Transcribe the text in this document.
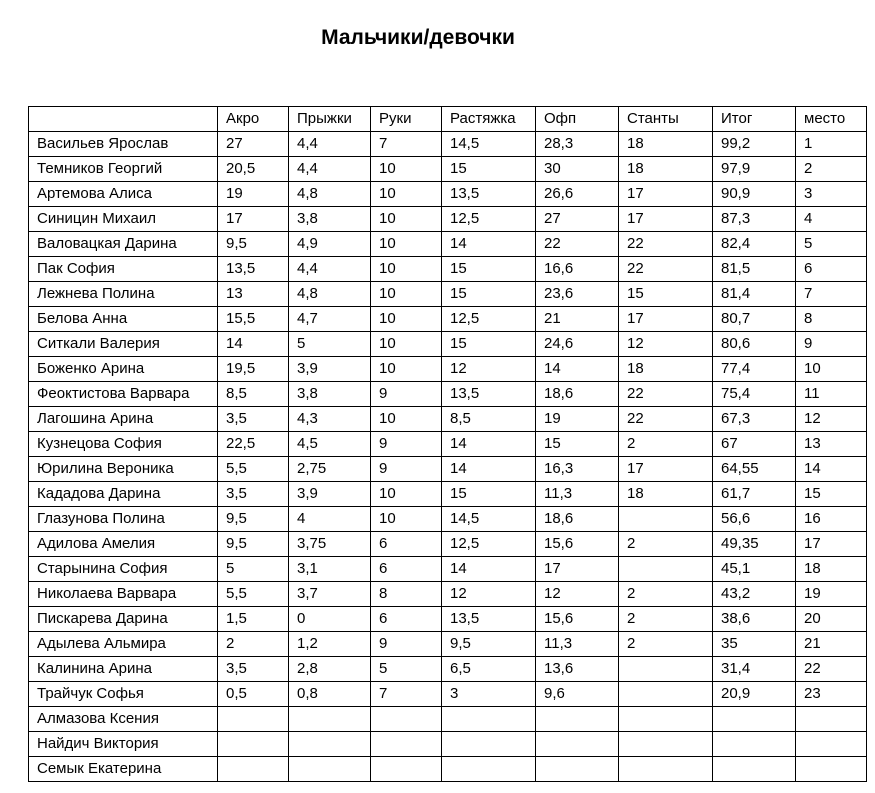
Мальчики/девочки
	Акро	Прыжки	Руки	Растяжка	Офп	Станты	Итог	место
Васильев Ярослав	27	4,4	7	14,5	28,3	18	99,2	1
Темников Георгий	20,5	4,4	10	15	30	18	97,9	2
Артемова Алиса	19	4,8	10	13,5	26,6	17	90,9	3
Синицин Михаил	17	3,8	10	12,5	27	17	87,3	4
Валовацкая Дарина	9,5	4,9	10	14	22	22	82,4	5
Пак София	13,5	4,4	10	15	16,6	22	81,5	6
Лежнева Полина	13	4,8	10	15	23,6	15	81,4	7
Белова Анна	15,5	4,7	10	12,5	21	17	80,7	8
Ситкали Валерия	14	5	10	15	24,6	12	80,6	9
Боженко Арина	19,5	3,9	10	12	14	18	77,4	10
Феоктистова Варвара	8,5	3,8	9	13,5	18,6	22	75,4	11
Лагошина Арина	3,5	4,3	10	8,5	19	22	67,3	12
Кузнецова София	22,5	4,5	9	14	15	2	67	13
Юрилина Вероника	5,5	2,75	9	14	16,3	17	64,55	14
Кададова Дарина	3,5	3,9	10	15	11,3	18	61,7	15
Глазунова Полина	9,5	4	10	14,5	18,6		56,6	16
Адилова Амелия	9,5	3,75	6	12,5	15,6	2	49,35	17
Старынина София	5	3,1	6	14	17		45,1	18
Николаева Варвара	5,5	3,7	8	12	12	2	43,2	19
Пискарева Дарина	1,5	0	6	13,5	15,6	2	38,6	20
Адылева Альмира	2	1,2	9	9,5	11,3	2	35	21
Калинина Арина	3,5	2,8	5	6,5	13,6		31,4	22
Трайчук Софья	0,5	0,8	7	3	9,6		20,9	23
Алмазова Ксения								
Найдич Виктория								
Семык Екатерина								
